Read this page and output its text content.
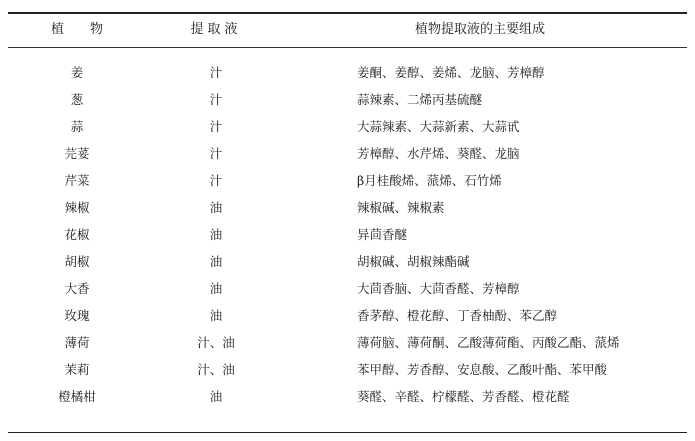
植　　物	提取液	植物提取液的主要组成
姜	汁	姜酮、姜醇、姜烯、龙脑、芳樟醇
葱	汁	蒜辣素、二烯丙基硫醚
蒜	汁	大蒜辣素、大蒜新素、大蒜甙
芫荽	汁	芳樟醇、水芹烯、葵醛、龙脑
芹菜	汁	β月桂酸烯、蒎烯、石竹烯
辣椒	油	辣椒碱、辣椒素
花椒	油	异茴香醚
胡椒	油	胡椒碱、胡椒辣酯碱
大香	油	大茴香脑、大茴香醛、芳樟醇
玫瑰	油	香茅醇、橙花醇、丁香柚酚、苯乙醇
薄荷	汁、油	薄荷脑、薄荷酮、乙酸薄荷酯、丙酸乙酯、蒎烯
茉莉	汁、油	苯甲醇、芳香醇、安息酸、乙酸叶酯、苯甲酸
橙橘柑	油	葵醛、辛醛、柠檬醛、芳香醛、橙花醛
